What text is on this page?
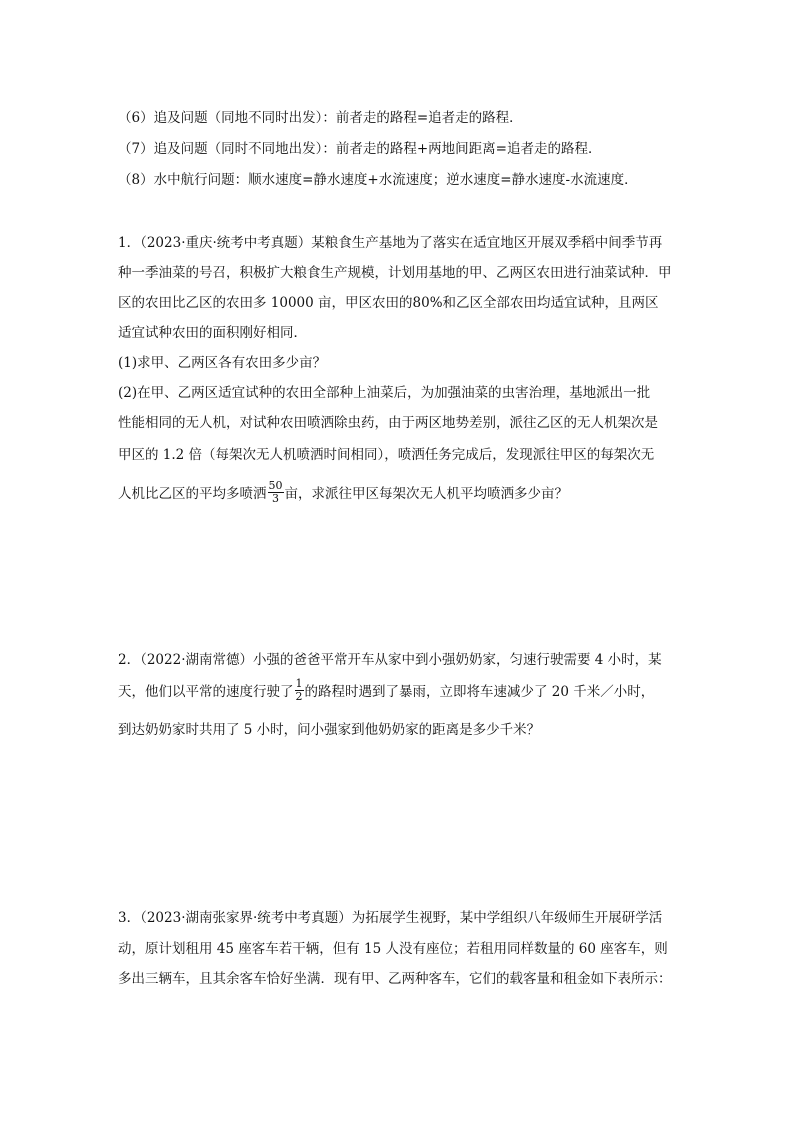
（6）追及问题（同地不同时出发）：前者走的路程=追者走的路程．
（7）追及问题（同时不同地出发）：前者走的路程+两地间距离=追者走的路程．
（8）水中航行问题：顺水速度=静水速度+水流速度；逆水速度=静水速度-水流速度．
1．（2023·重庆·统考中考真题）某粮食生产基地为了落实在适宜地区开展双季稻中间季节再
种一季油菜的号召，积极扩大粮食生产规模，计划用基地的甲、乙两区农田进行油菜试种．甲
区的农田比乙区的农田多 10000 亩，甲区农田的80%和乙区全部农田均适宜试种，且两区
适宜试种农田的面积刚好相同．
(1)求甲、乙两区各有农田多少亩？
(2)在甲、乙两区适宜试种的农田全部种上油菜后，为加强油菜的虫害治理，基地派出一批
性能相同的无人机，对试种农田喷洒除虫药，由于两区地势差别，派往乙区的无人机架次是
甲区的 1.2 倍（每架次无人机喷洒时间相同），喷洒任务完成后，发现派往甲区的每架次无
人机比乙区的平均多喷洒 $\frac{50}{3}$ 亩，求派往甲区每架次无人机平均喷洒多少亩？
2．（2022·湖南常德）小强的爸爸平常开车从家中到小强奶奶家，匀速行驶需要 4 小时，某
天，他们以平常的速度行驶了 $\frac{1}{2}$ 的路程时遇到了暴雨，立即将车速减少了 20 千米／小时，
到达奶奶家时共用了 5 小时，问小强家到他奶奶家的距离是多少千米？
3．（2023·湖南张家界·统考中考真题）为拓展学生视野，某中学组织八年级师生开展研学活
动，原计划租用 45 座客车若干辆，但有 15 人没有座位；若租用同样数量的 60 座客车，则
多出三辆车，且其余客车恰好坐满．现有甲、乙两种客车，它们的载客量和租金如下表所示：
